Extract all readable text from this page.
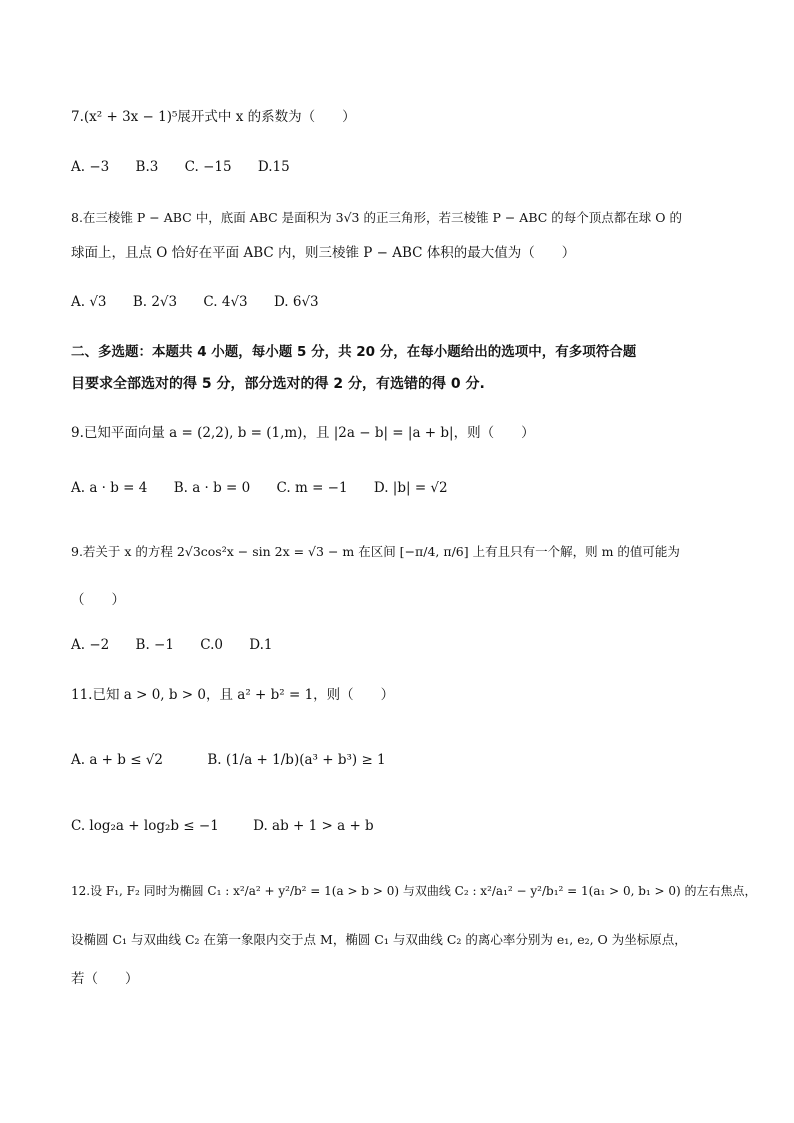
7.(x² + 3x − 1)⁵展开式中 x 的系数为（　　）
A. −3 B.3 C. −15 D.15
8.在三棱锥 P − ABC 中，底面 ABC 是面积为 3√3 的正三角形，若三棱锥 P − ABC 的每个顶点都在球 O 的
球面上，且点 O 恰好在平面 ABC 内，则三棱锥 P − ABC 体积的最大值为（　　）
A. √3 B. 2√3 C. 4√3 D. 6√3
二、多选题：本题共 4 小题，每小题 5 分，共 20 分，在每小题给出的选项中，有多项符合题
目要求全部选对的得 5 分，部分选对的得 2 分，有选错的得 0 分.
9.已知平面向量 a = (2,2), b = (1,m)，且 |2a − b| = |a + b|，则（　　）
A. a · b = 4 B. a · b = 0 C. m = −1 D. |b| = √2
9.若关于 x 的方程 2√3cos²x − sin 2x = √3 − m 在区间 [−π/4, π/6] 上有且只有一个解，则 m 的值可能为
（　　）
A. −2 B. −1 C.0 D.1
11.已知 a > 0, b > 0，且 a² + b² = 1，则（　　）
A. a + b ≤ √2	B. (1/a + 1/b)(a³ + b³) ≥ 1
C. log₂a + log₂b ≤ −1	D. ab + 1 > a + b
12.设 F₁, F₂ 同时为椭圆 C₁ : x²/a² + y²/b² = 1(a > b > 0) 与双曲线 C₂ : x²/a₁² − y²/b₁² = 1(a₁ > 0, b₁ > 0) 的左右焦点，
设椭圆 C₁ 与双曲线 C₂ 在第一象限内交于点 M，椭圆 C₁ 与双曲线 C₂ 的离心率分别为 e₁, e₂, O 为坐标原点，
若（　　）
